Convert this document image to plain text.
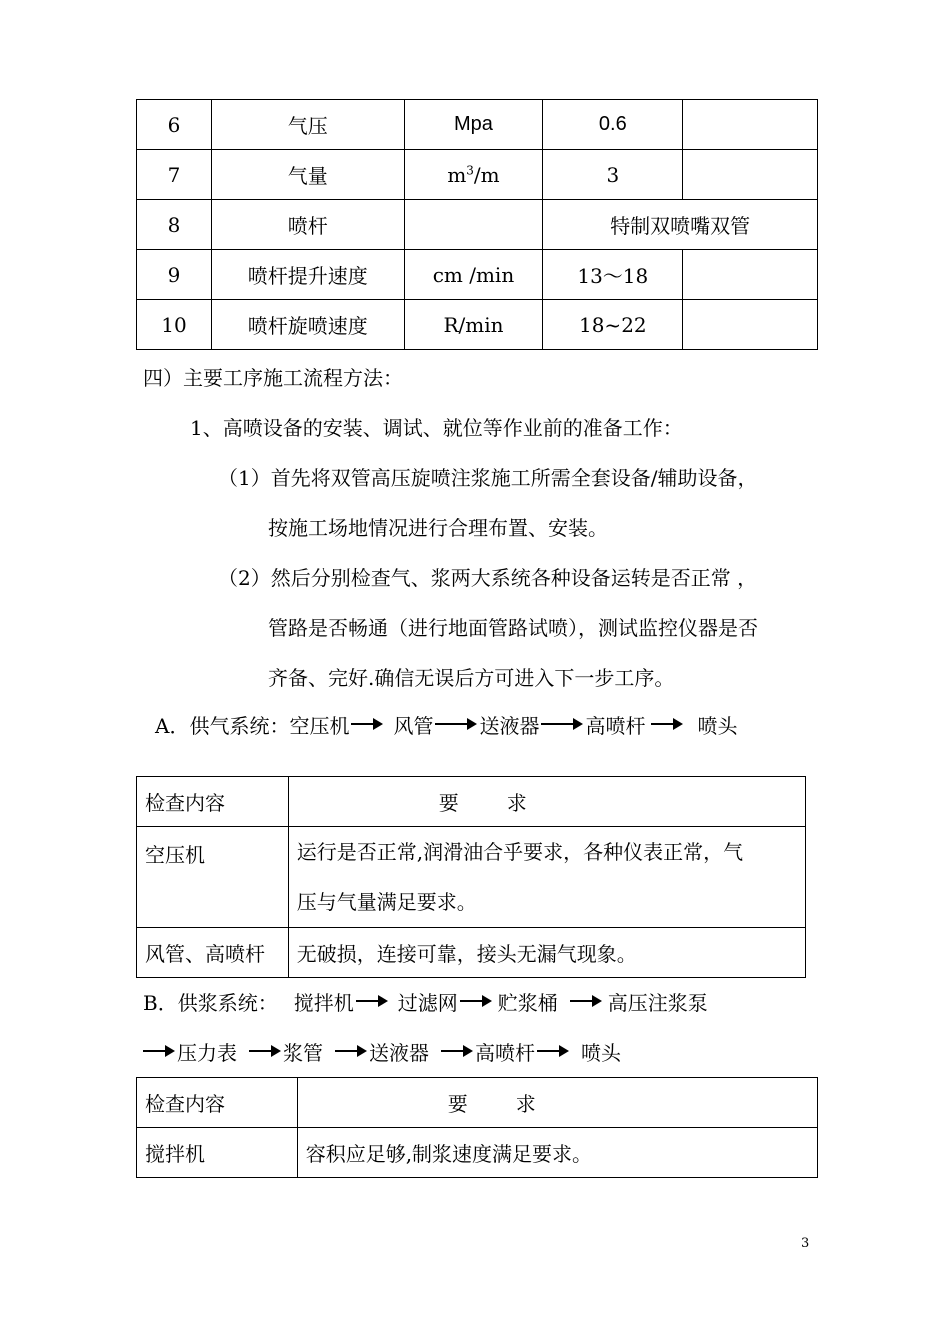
6	气压	Mpa	0.6	
7	气量	$m^3/m$	3	
8	喷杆		特制双喷嘴双管	
9	喷杆提升速度	cm /min	13～18	
10	喷杆旋喷速度	R/min	18~22	
四）主要工序施工流程方法：
1、高喷设备的安装、调试、就位等作业前的准备工作：
（1）首先将双管高压旋喷注浆施工所需全套设备/辅助设备，
按施工场地情况进行合理布置、安装。
（2）然后分别检查气、浆两大系统各种设备运转是否正常 ，
管路是否畅通（进行地面管路试喷），测试监控仪器是否
齐备、完好.确信无误后方可进入下一步工序。
A．供气系统： 空压机 风管 送液器 高喷杆	喷头
检查内容	要 求
空压机	运行是否正常,润滑油合乎要求，各种仪表正常，气
压与气量满足要求。

风管、高喷杆	无破损，连接可靠，接头无漏气现象。
B．供浆系统： 搅拌机 过滤网 贮浆桶	高压注浆泵
压力表 浆管 送液器 高喷杆 喷头
检查内容	要 求
搅拌机	容积应足够,制浆速度满足要求。
3
